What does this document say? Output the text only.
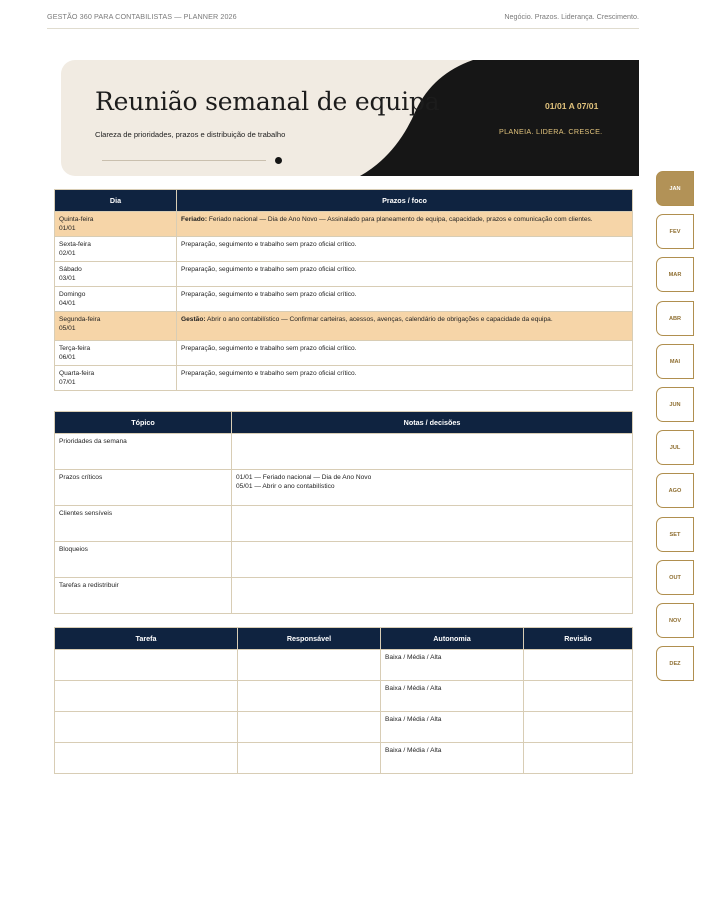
GESTÃO 360 PARA CONTABILISTAS — PLANNER 2026	Negócio. Prazos. Liderança. Crescimento.
Reunião semanal de equipa
Clareza de prioridades, prazos e distribuição de trabalho
01/01 A 07/01
PLANEIA. LIDERA. CRESCE.
Dia	Prazos / foco

Quinta-feira
01/01	Feriado: Feriado nacional — Dia de Ano Novo — Assinalado para planeamento de equipa, capacidade, prazos e comunicação com clientes.

Sexta-feira
02/01	Preparação, seguimento e trabalho sem prazo oficial crítico.

Sábado
03/01	Preparação, seguimento e trabalho sem prazo oficial crítico.

Domingo
04/01	Preparação, seguimento e trabalho sem prazo oficial crítico.

Segunda-feira
05/01	Gestão: Abrir o ano contabilístico — Confirmar carteiras, acessos, avenças, calendário de obrigações e capacidade da equipa.

Terça-feira
06/01	Preparação, seguimento e trabalho sem prazo oficial crítico.

Quarta-feira
07/01	Preparação, seguimento e trabalho sem prazo oficial crítico.
Tópico	Notas / decisões
Prioridades da semana	
Prazos críticos	01/01 — Feriado nacional — Dia de Ano Novo
05/01 — Abrir o ano contabilístico
Clientes sensíveis	
Bloqueios	
Tarefas a redistribuir	
Tarefa	Responsável	Autonomia	Revisão
		Baixa / Média / Alta	
		Baixa / Média / Alta	
		Baixa / Média / Alta	
		Baixa / Média / Alta	
JAN
FEV
MAR
ABR
MAI
JUN
JUL
AGO
SET
OUT
NOV
DEZ
